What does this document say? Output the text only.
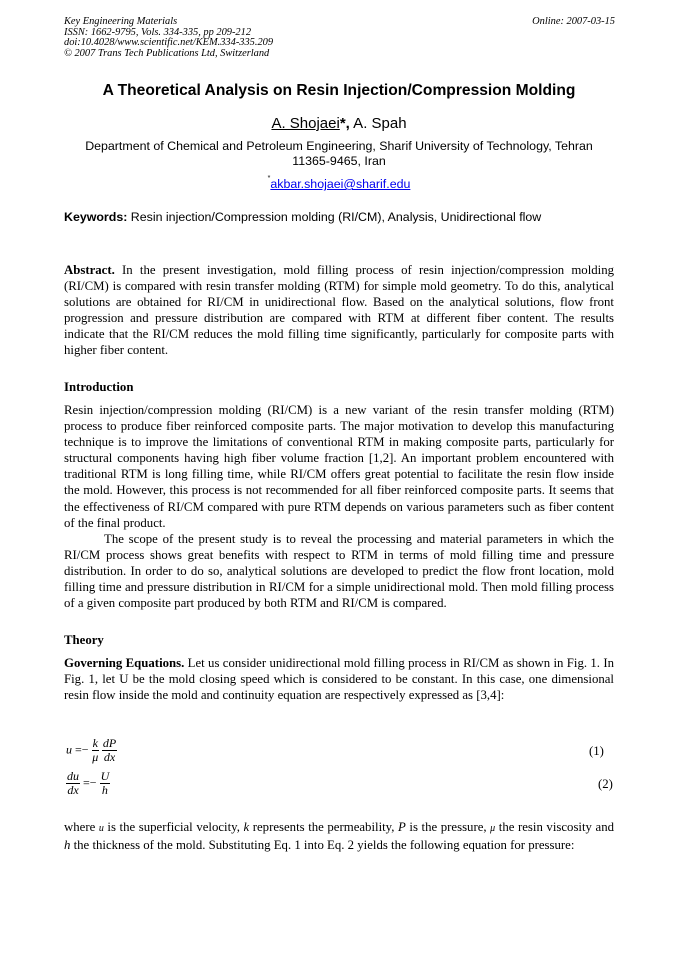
Key Engineering Materials
ISSN: 1662-9795, Vols. 334-335, pp 209-212
doi:10.4028/www.scientific.net/KEM.334-335.209
© 2007 Trans Tech Publications Ltd, Switzerland
Online: 2007-03-15
A Theoretical Analysis on Resin Injection/Compression Molding
A. Shojaei*, A. Spah
Department of Chemical and Petroleum Engineering, Sharif University of Technology, Tehran
11365-9465, Iran
*akbar.shojaei@sharif.edu
Keywords: Resin injection/Compression molding (RI/CM), Analysis, Unidirectional flow
Abstract. In the present investigation, mold filling process of resin injection/compression molding (RI/CM) is compared with resin transfer molding (RTM) for simple mold geometry. To do this, analytical solutions are obtained for RI/CM in unidirectional flow. Based on the analytical solutions, flow front progression and pressure distribution are compared with RTM at different fiber content. The results indicate that the RI/CM reduces the mold filling time significantly, particularly for composite parts with higher fiber content.
Introduction
Resin injection/compression molding (RI/CM) is a new variant of the resin transfer molding (RTM) process to produce fiber reinforced composite parts. The major motivation to develop this manufacturing technique is to improve the limitations of conventional RTM in making composite parts, particularly for structural components having high fiber volume fraction [1,2]. An important problem encountered with traditional RTM is long filling time, while RI/CM offers great potential to facilitate the resin flow inside the mold. However, this process is not recommended for all fiber reinforced composite parts. It seems that the effectiveness of RI/CM compared with pure RTM depends on various parameters such as fiber content of the final product.
The scope of the present study is to reveal the processing and material parameters in which the RI/CM process shows great benefits with respect to RTM in terms of mold filling time and pressure distribution. In order to do so, analytical solutions are developed to predict the flow front location, mold filling time and pressure distribution in RI/CM for a simple unidirectional mold. Then mold filling process of a given composite part produced by both RTM and RI/CM is compared.
Theory
Governing Equations. Let us consider unidirectional mold filling process in RI/CM as shown in Fig. 1. In Fig. 1, let U be the mold closing speed which is considered to be constant. In this case, one dimensional resin flow inside the mold and continuity equation are respectively expressed as [3,4]:
$u =- \frac{k}{\mu}$
$\frac{dP}{dx}$	(1)
$\frac{du}{dx} =- \frac{U}{h}$	(2)
where u is the superficial velocity, k represents the permeability, P is the pressure, μ the resin viscosity and h the thickness of the mold. Substituting Eq. 1 into Eq. 2 yields the following equation for pressure:
